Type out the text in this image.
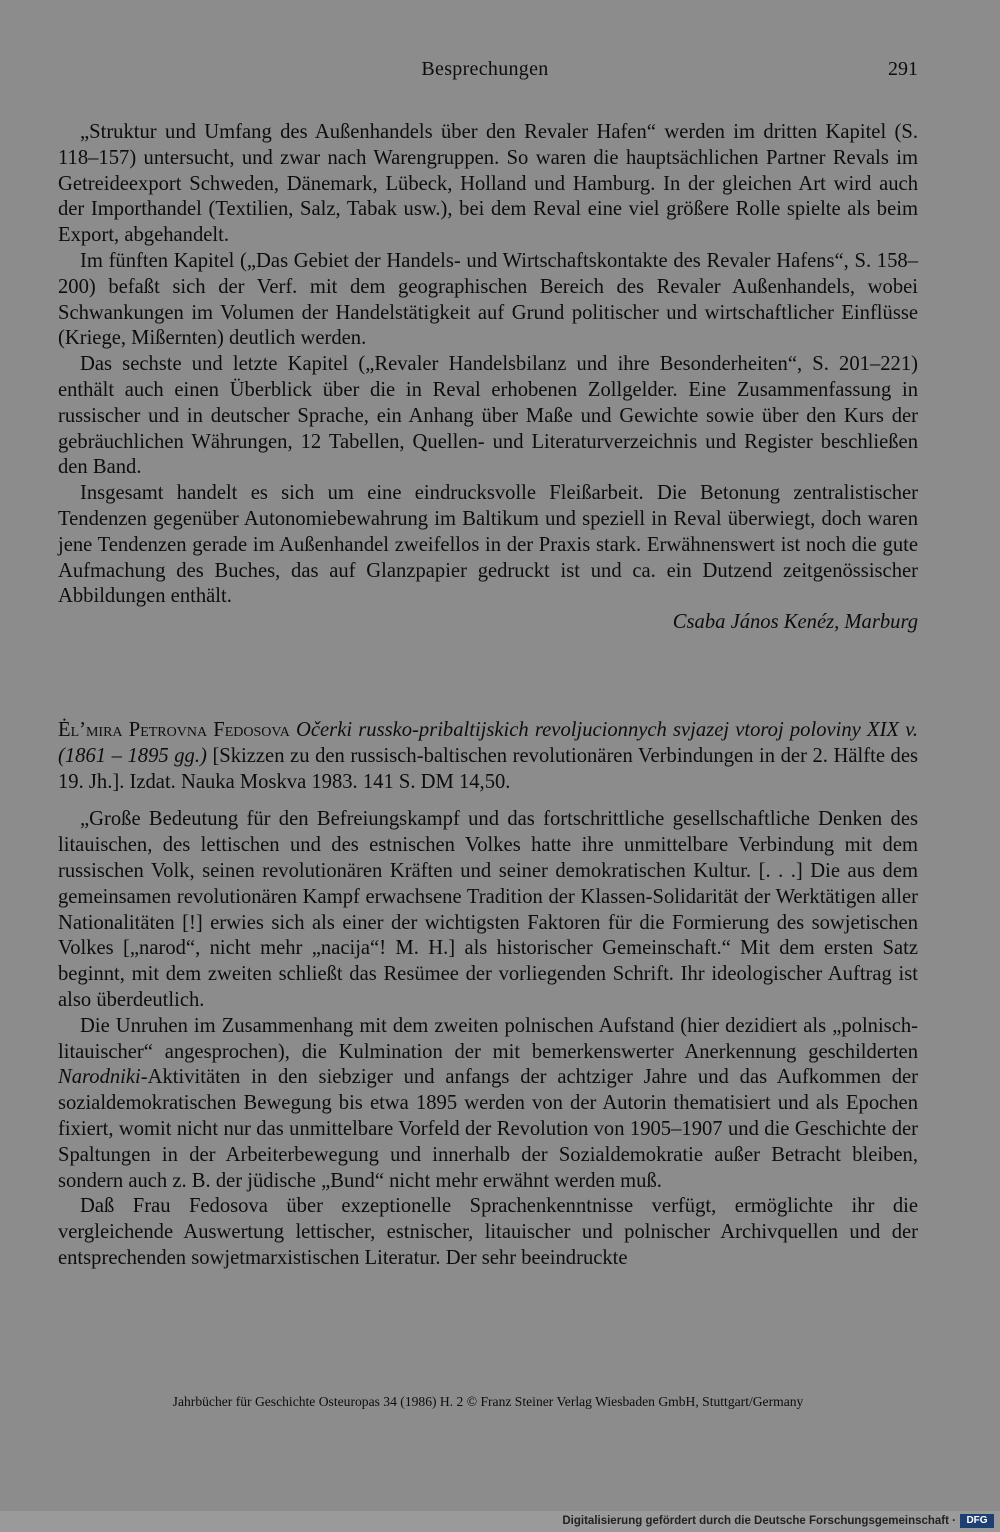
Besprechungen	291

„Struktur und Umfang des Außenhandels über den Revaler Hafen“ werden im dritten Kapitel (S. 118–157) untersucht, und zwar nach Warengruppen. So waren die hauptsächlichen Partner Revals im Getreideexport Schweden, Dänemark, Lübeck, Holland und Hamburg. In der gleichen Art wird auch der Importhandel (Textilien, Salz, Tabak usw.), bei dem Reval eine viel größere Rolle spielte als beim Export, abgehandelt.

Im fünften Kapitel („Das Gebiet der Handels- und Wirtschaftskontakte des Revaler Hafens“, S. 158–200) befaßt sich der Verf. mit dem geographischen Bereich des Revaler Außenhandels, wobei Schwankungen im Volumen der Handelstätigkeit auf Grund politischer und wirtschaftlicher Einflüsse (Kriege, Mißernten) deutlich werden.

Das sechste und letzte Kapitel („Revaler Handelsbilanz und ihre Besonderheiten“, S. 201–221) enthält auch einen Überblick über die in Reval erhobenen Zollgelder. Eine Zusammenfassung in russischer und in deutscher Sprache, ein Anhang über Maße und Gewichte sowie über den Kurs der gebräuchlichen Währungen, 12 Tabellen, Quellen- und Literaturverzeichnis und Register beschließen den Band.

Insgesamt handelt es sich um eine eindrucksvolle Fleißarbeit. Die Betonung zentralistischer Tendenzen gegenüber Autonomiebewahrung im Baltikum und speziell in Reval überwiegt, doch waren jene Tendenzen gerade im Außenhandel zweifellos in der Praxis stark. Erwähnenswert ist noch die gute Aufmachung des Buches, das auf Glanzpapier gedruckt ist und ca. ein Dutzend zeitgenössischer Abbildungen enthält.

Csaba János Kenéz, Marburg

Ėl’mira Petrovna Fedosova Očerki russko-pribaltijskich revoljucionnych svjazej vtoroj poloviny XIX v. (1861 – 1895 gg.) [Skizzen zu den russisch-baltischen revolutionären Verbindungen in der 2. Hälfte des 19. Jh.]. Izdat. Nauka Moskva 1983. 141 S. DM 14,50.

„Große Bedeutung für den Befreiungskampf und das fortschrittliche gesellschaftliche Denken des litauischen, des lettischen und des estnischen Volkes hatte ihre unmittelbare Verbindung mit dem russischen Volk, seinen revolutionären Kräften und seiner demokratischen Kultur. [. . .] Die aus dem gemeinsamen revolutionären Kampf erwachsene Tradition der Klassen-Solidarität der Werktätigen aller Nationalitäten [!] erwies sich als einer der wichtigsten Faktoren für die Formierung des sowjetischen Volkes [„narod“, nicht mehr „nacija“! M. H.] als historischer Gemeinschaft.“ Mit dem ersten Satz beginnt, mit dem zweiten schließt das Resümee der vorliegenden Schrift. Ihr ideologischer Auftrag ist also überdeutlich.

Die Unruhen im Zusammenhang mit dem zweiten polnischen Aufstand (hier dezidiert als „polnisch-litauischer“ angesprochen), die Kulmination der mit bemerkenswerter Anerkennung geschilderten Narodniki-Aktivitäten in den siebziger und anfangs der achtziger Jahre und das Aufkommen der sozialdemokratischen Bewegung bis etwa 1895 werden von der Autorin thematisiert und als Epochen fixiert, womit nicht nur das unmittelbare Vorfeld der Revolution von 1905–1907 und die Geschichte der Spaltungen in der Arbeiterbewegung und innerhalb der Sozialdemokratie außer Betracht bleiben, sondern auch z. B. der jüdische „Bund“ nicht mehr erwähnt werden muß.

Daß Frau Fedosova über exzeptionelle Sprachenkenntnisse verfügt, ermöglichte ihr die vergleichende Auswertung lettischer, estnischer, litauischer und polnischer Archivquellen und der entsprechenden sowjetmarxistischen Literatur. Der sehr beeindruckte

Jahrbücher für Geschichte Osteuropas 34 (1986) H. 2 © Franz Steiner Verlag Wiesbaden GmbH, Stuttgart/Germany
Digitalisierung gefördert durch die Deutsche Forschungsgemeinschaft ·	DFG
